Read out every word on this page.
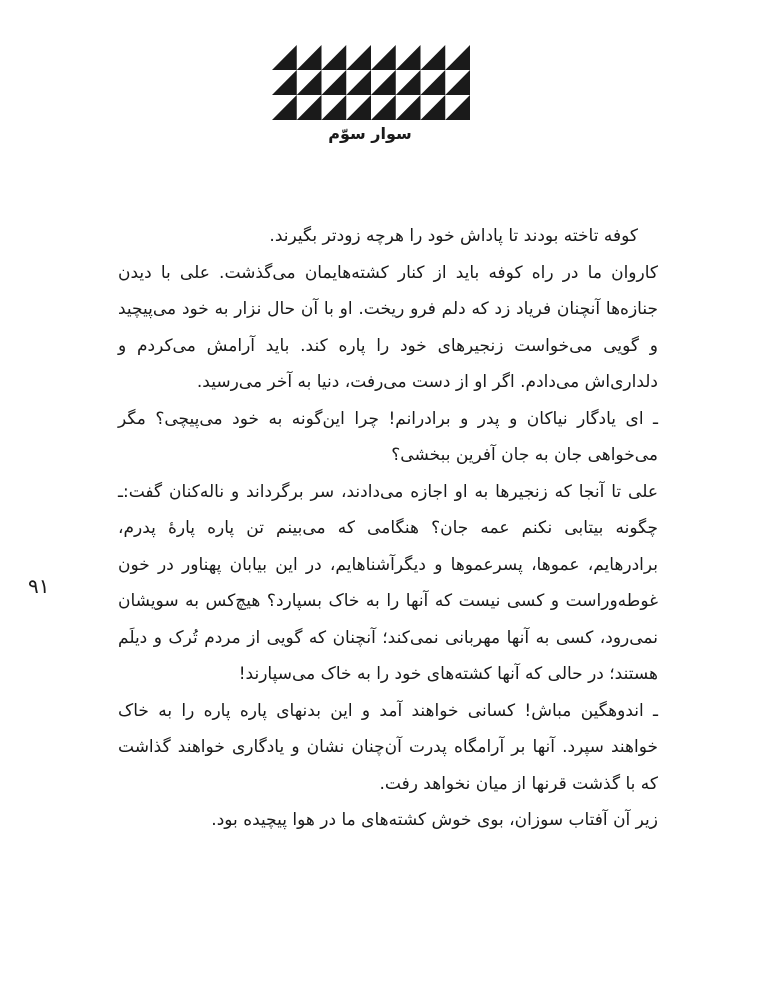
سوار سوّم
۹۱

کوفه تاخته بودند تا پاداش خود را هرچه زودتر بگیرند.

کاروان ما در راه کوفه باید از کنار کشته‌هایمان می‌گذشت. علی با دیدن جنازه‌ها آنچنان فریاد زد که دلم فرو ریخت. او با آن حال نزار به خود می‌پیچید و گویی می‌خواست زنجیرهای خود را پاره کند. باید آرامش می‌کردم و دلداری‌اش می‌دادم. اگر او از دست می‌رفت، دنیا به آخر می‌رسید.

ـ ای یادگار نیاکان و پدر و برادرانم! چرا این‌گونه به خود می‌پیچی؟ مگر می‌خواهی جان به جان آفرین ببخشی؟

علی تا آنجا که زنجیرها به او اجازه می‌دادند، سر برگرداند و نالەکنان گفت:ـ چگونه بیتابی نکنم عمه جان؟ هنگامی که می‌بینم تن پاره پارهٔ پدرم، برادرهایم، عموها، پسرعموها و دیگرآشناهایم، در این بیابان پهناور در خون غوطه‌وراست و کسی نیست که آنها را به خاک بسپارد؟ هیچ‌کس به سویشان نمی‌رود، کسی به آنها مهربانی نمی‌کند؛ آنچنان که گویی از مردم تُرک و دیلَم هستند؛ در حالی که آنها کشته‌های خود را به خاک می‌سپارند!

ـ اندوهگین مباش! کسانی خواهند آمد و این بدنهای پاره پاره را به خاک خواهند سپرد. آنها بر آرامگاه پدرت آن‌چنان نشان و یادگاری خواهند گذاشت که با گذشت قرنها از میان نخواهد رفت.

زیر آن آفتاب سوزان، بوی خوش کشته‌های ما در هوا پیچیده بود.
